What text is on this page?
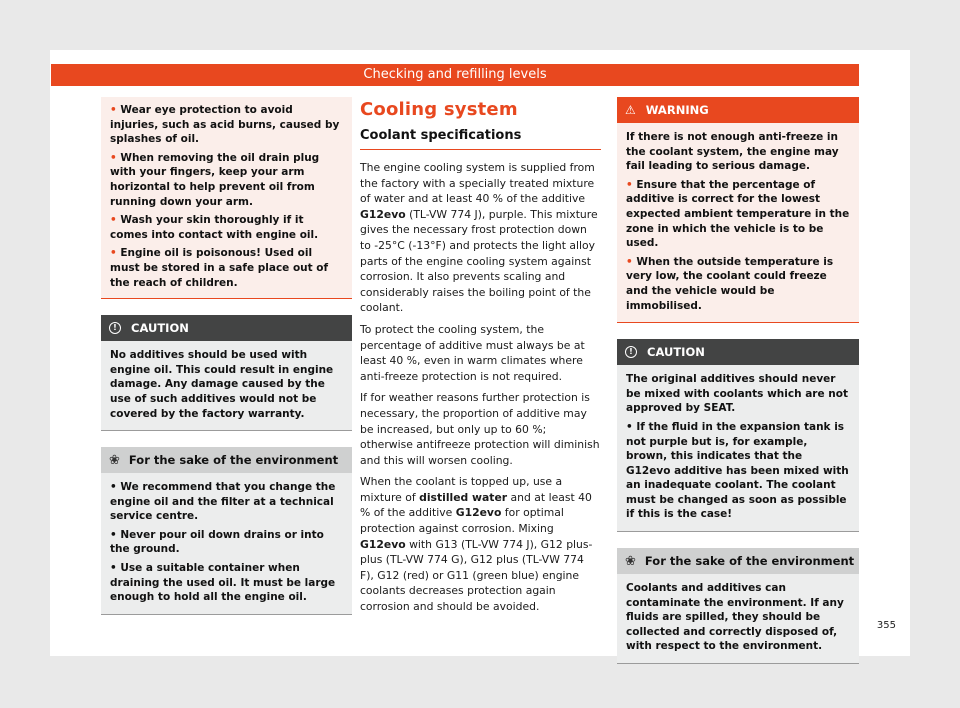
Checking and refilling levels

• Wear eye protection to avoid injuries, such as acid burns, caused by splashes of oil.

• When removing the oil drain plug with your fingers, keep your arm horizontal to help prevent oil from running down your arm.

• Wash your skin thoroughly if it comes into contact with engine oil.

• Engine oil is poisonous! Used oil must be stored in a safe place out of the reach of children.

!	CAUTION

No additives should be used with engine oil. This could result in engine damage. Any damage caused by the use of such additives would not be covered by the factory warranty.

❀ For the sake of the environment

• We recommend that you change the engine oil and the filter at a technical service centre.

• Never pour oil down drains or into the ground.

• Use a suitable container when draining the used oil. It must be large enough to hold all the engine oil.

Cooling system
Coolant specifications

The engine cooling system is supplied from the factory with a specially treated mixture of water and at least 40 % of the additive G12evo (TL-VW 774 J), purple. This mixture gives the necessary frost protection down to -25°C (-13°F) and protects the light alloy parts of the engine cooling system against corrosion. It also prevents scaling and considerably raises the boiling point of the coolant.

To protect the cooling system, the percentage of additive must always be at least 40 %, even in warm climates where anti-freeze protection is not required.

If for weather reasons further protection is necessary, the proportion of additive may be increased, but only up to 60 %; otherwise antifreeze protection will diminish and this will worsen cooling.

When the coolant is topped up, use a mixture of distilled water and at least 40 % of the additive G12evo for optimal protection against corrosion. Mixing G12evo with G13 (TL-VW 774 J), G12 plus-plus (TL-VW 774 G), G12 plus (TL-VW 774 F), G12 (red) or G11 (green blue) engine coolants decreases protection again corrosion and should be avoided.

⚠ WARNING

If there is not enough anti-freeze in the coolant system, the engine may fail leading to serious damage.

• Ensure that the percentage of additive is correct for the lowest expected ambient temperature in the zone in which the vehicle is to be used.

• When the outside temperature is very low, the coolant could freeze and the vehicle would be immobilised.

!	CAUTION

The original additives should never be mixed with coolants which are not approved by SEAT.

• If the fluid in the expansion tank is not purple but is, for example, brown, this indicates that the G12evo additive has been mixed with an inadequate coolant. The coolant must be changed as soon as possible if this is the case!

❀ For the sake of the environment

Coolants and additives can contaminate the environment. If any fluids are spilled, they should be collected and correctly disposed of, with respect to the environment.

355
